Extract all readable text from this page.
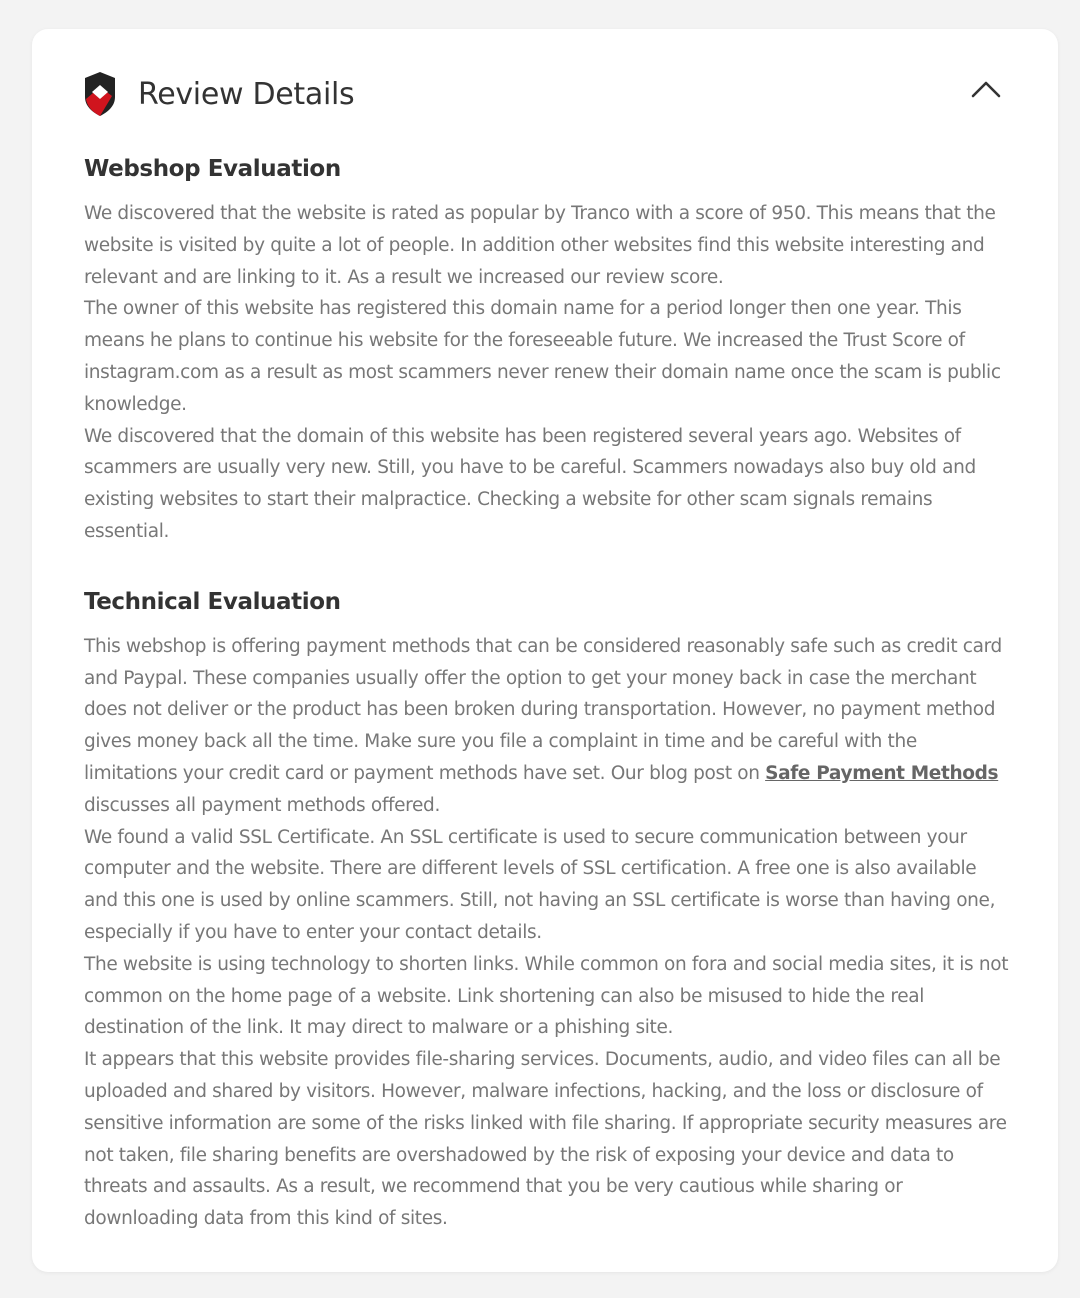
Review Details
Webshop Evaluation

We discovered that the website is rated as popular by Tranco with a score of 950. This means that the website is visited by quite a lot of people. In addition other websites find this website interesting and relevant and are linking to it. As a result we increased our review score.

The owner of this website has registered this domain name for a period longer then one year. This means he plans to continue his website for the foreseeable future. We increased the Trust Score of instagram.com as a result as most scammers never renew their domain name once the scam is public knowledge.

We discovered that the domain of this website has been registered several years ago. Websites of scammers are usually very new. Still, you have to be careful. Scammers nowadays also buy old and existing websites to start their malpractice. Checking a website for other scam signals remains essential.

Technical Evaluation

This webshop is offering payment methods that can be considered reasonably safe such as credit card and Paypal. These companies usually offer the option to get your money back in case the merchant does not deliver or the product has been broken during transportation. However, no payment method gives money back all the time. Make sure you file a complaint in time and be careful with the limitations your credit card or payment methods have set. Our blog post on Safe Payment Methods discusses all payment methods offered.

We found a valid SSL Certificate. An SSL certificate is used to secure communication between your computer and the website. There are different levels of SSL certification. A free one is also available and this one is used by online scammers. Still, not having an SSL certificate is worse than having one, especially if you have to enter your contact details.

The website is using technology to shorten links. While common on fora and social media sites, it is not common on the home page of a website. Link shortening can also be misused to hide the real destination of the link. It may direct to malware or a phishing site.

It appears that this website provides file-sharing services. Documents, audio, and video files can all be uploaded and shared by visitors. However, malware infections, hacking, and the loss or disclosure of sensitive information are some of the risks linked with file sharing. If appropriate security measures are not taken, file sharing benefits are overshadowed by the risk of exposing your device and data to threats and assaults. As a result, we recommend that you be very cautious while sharing or downloading data from this kind of sites.
